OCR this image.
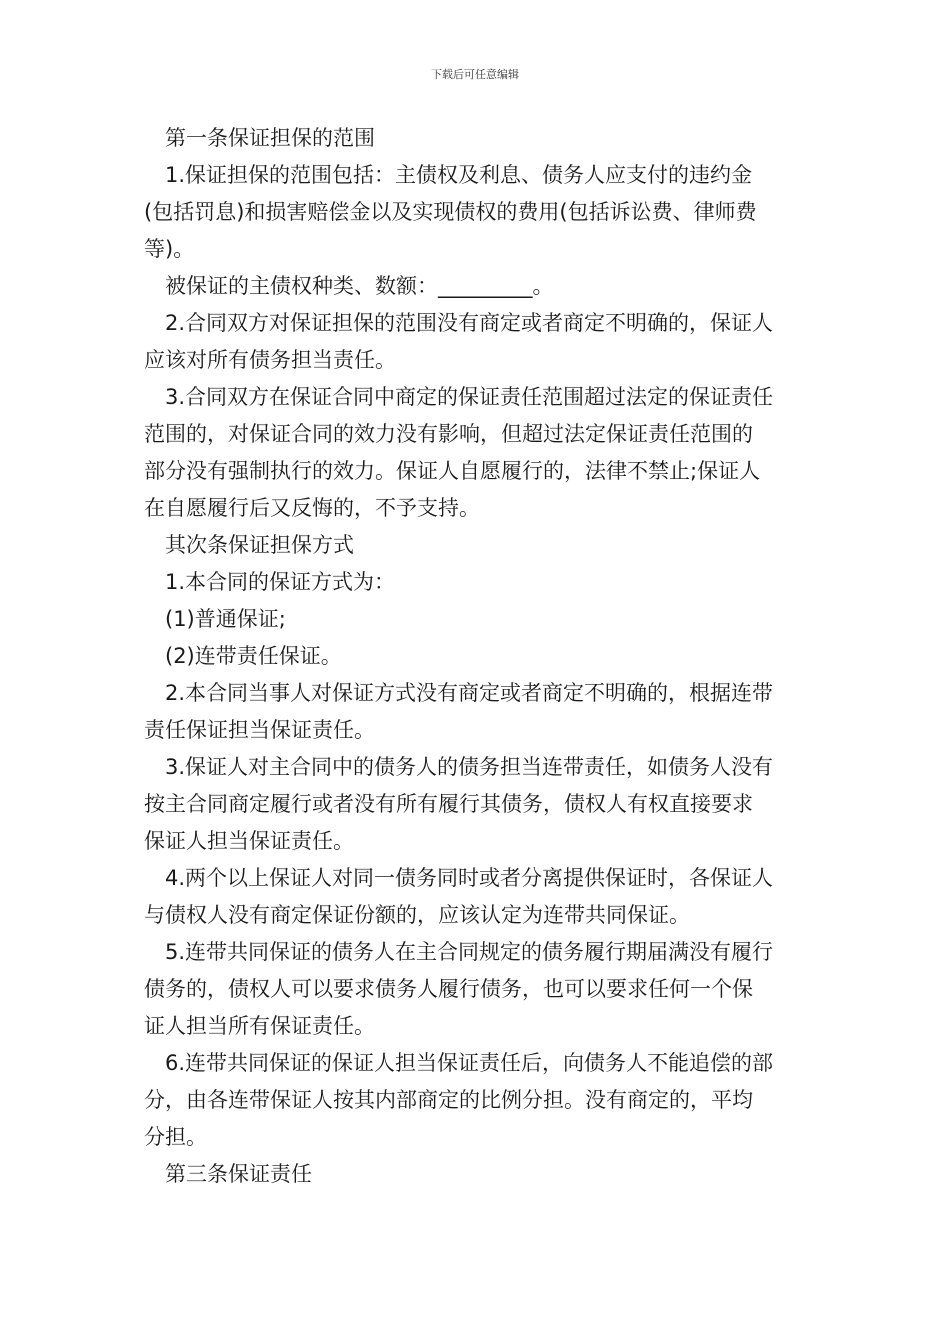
下载后可任意编辑
第一条保证担保的范围
1.保证担保的范围包括：主债权及利息、债务人应支付的违约金
(包括罚息)和损害赔偿金以及实现债权的费用(包括诉讼费、律师费
等)。
被保证的主债权种类、数额：_________。
2.合同双方对保证担保的范围没有商定或者商定不明确的，保证人
应该对所有债务担当责任。
3.合同双方在保证合同中商定的保证责任范围超过法定的保证责任
范围的，对保证合同的效力没有影响，但超过法定保证责任范围的
部分没有强制执行的效力。保证人自愿履行的，法律不禁止;保证人
在自愿履行后又反悔的，不予支持。
其次条保证担保方式
1.本合同的保证方式为：
(1)普通保证;
(2)连带责任保证。
2.本合同当事人对保证方式没有商定或者商定不明确的，根据连带
责任保证担当保证责任。
3.保证人对主合同中的债务人的债务担当连带责任，如债务人没有
按主合同商定履行或者没有所有履行其债务，债权人有权直接要求
保证人担当保证责任。
4.两个以上保证人对同一债务同时或者分离提供保证时，各保证人
与债权人没有商定保证份额的，应该认定为连带共同保证。
5.连带共同保证的债务人在主合同规定的债务履行期届满没有履行
债务的，债权人可以要求债务人履行债务，也可以要求任何一个保
证人担当所有保证责任。
6.连带共同保证的保证人担当保证责任后，向债务人不能追偿的部
分，由各连带保证人按其内部商定的比例分担。没有商定的，平均
分担。
第三条保证责任
